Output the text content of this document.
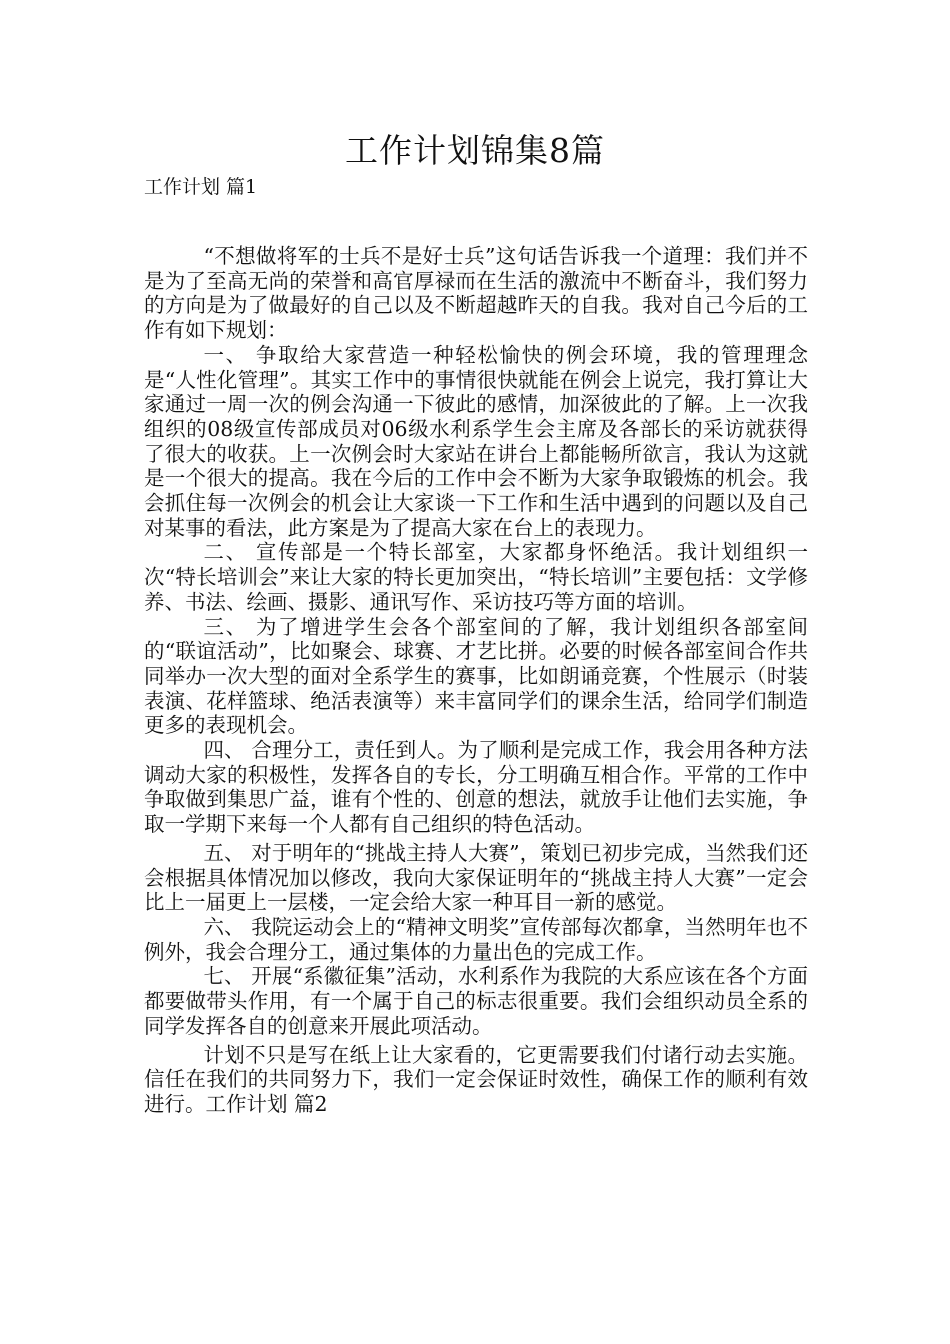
工作计划锦集8篇

工作计划 篇1

“不想做将军的士兵不是好士兵”这句话告诉我一个道理：我们并不是为了至高无尚的荣誉和高官厚禄而在生活的激流中不断奋斗，我们努力的方向是为了做最好的自己以及不断超越昨天的自我。我对自己今后的工作有如下规划：

一、 争取给大家营造一种轻松愉快的例会环境，我的管理理念是“人性化管理”。其实工作中的事情很快就能在例会上说完，我打算让大家通过一周一次的例会沟通一下彼此的感情，加深彼此的了解。上一次我组织的08级宣传部成员对06级水利系学生会主席及各部长的采访就获得了很大的收获。上一次例会时大家站在讲台上都能畅所欲言，我认为这就是一个很大的提高。我在今后的工作中会不断为大家争取锻炼的机会。我会抓住每一次例会的机会让大家谈一下工作和生活中遇到的问题以及自己对某事的看法，此方案是为了提高大家在台上的表现力。

二、 宣传部是一个特长部室，大家都身怀绝活。我计划组织一次“特长培训会”来让大家的特长更加突出，“特长培训”主要包括：文学修养、书法、绘画、摄影、通讯写作、采访技巧等方面的培训。

三、 为了增进学生会各个部室间的了解，我计划组织各部室间的“联谊活动”，比如聚会、球赛、才艺比拼。必要的时候各部室间合作共同举办一次大型的面对全系学生的赛事，比如朗诵竞赛，个性展示（时装表演、花样篮球、绝活表演等）来丰富同学们的课余生活，给同学们制造更多的表现机会。

四、 合理分工，责任到人。为了顺利是完成工作，我会用各种方法调动大家的积极性，发挥各自的专长，分工明确互相合作。平常的工作中争取做到集思广益，谁有个性的、创意的想法，就放手让他们去实施，争取一学期下来每一个人都有自己组织的特色活动。

五、 对于明年的“挑战主持人大赛”，策划已初步完成，当然我们还会根据具体情况加以修改，我向大家保证明年的“挑战主持人大赛”一定会比上一届更上一层楼，一定会给大家一种耳目一新的感觉。

六、 我院运动会上的“精神文明奖”宣传部每次都拿，当然明年也不例外，我会合理分工，通过集体的力量出色的完成工作。

七、 开展“系徽征集”活动，水利系作为我院的大系应该在各个方面都要做带头作用，有一个属于自己的标志很重要。我们会组织动员全系的同学发挥各自的创意来开展此项活动。

计划不只是写在纸上让大家看的，它更需要我们付诸行动去实施。信任在我们的共同努力下，我们一定会保证时效性，确保工作的顺利有效进行。工作计划 篇2
